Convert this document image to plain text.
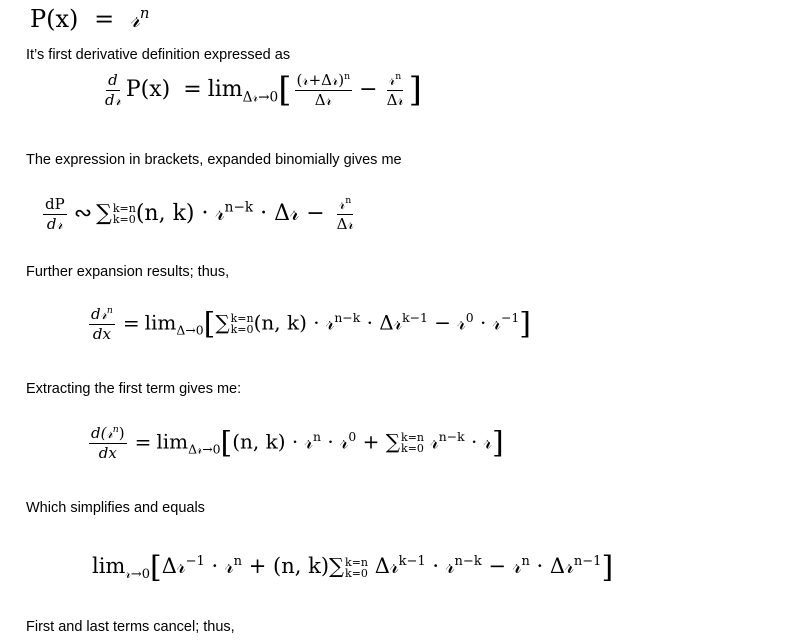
P(x) = 𝓇$^n$
It’s first derivative definition expressed as
$\frac{d}{\text{d𝓇}} P(x) = \lim_{\Delta 𝓇\to 0}[ \frac{(𝓇+\Delta 𝓇)^n}{\text{Δ𝓇}} - \frac{𝓇^n}{\text{Δ𝓇}}$ ]
The expression in brackets, expanded binomially gives me
$\frac{dP}{\text{d𝓇}}$ ∾ ∑ k=n
k=0 (n, k) · 𝓇$^{n-k}$ · Δ𝓇 − $\frac{𝓇^n}{\text{Δ𝓇}}$
Further expansion results; thus,
$\frac{d𝓇^n}{dx} = \lim_{\Delta\to 0}[\sum$ k=n
k=0 (n, k) · 𝓇$^{n-k}$ · Δ𝓇$^{k-1}$ − 𝓇$^0$ · 𝓇$^{-1}$]
Extracting the first term gives me:
$\frac{d(𝓇^n)}{dx} = \lim_{\Delta 𝓇\to 0}[(n$, k) · 𝓇$^n$ · 𝓇$^0$ + ∑ k=n
k=0 𝓇$^{n-k}$ · 𝓇]
Which simplifies and equals
$\lim_{𝓇\to 0}[\Delta 𝓇^{-1}$ · 𝓇$^n$ + (n, k)∑ k=n
k=0 Δ𝓇$^{k-1}$ · 𝓇$^{n-k}$ − 𝓇$^n$ · Δ𝓇$^{n-1}$]
First and last terms cancel; thus,
